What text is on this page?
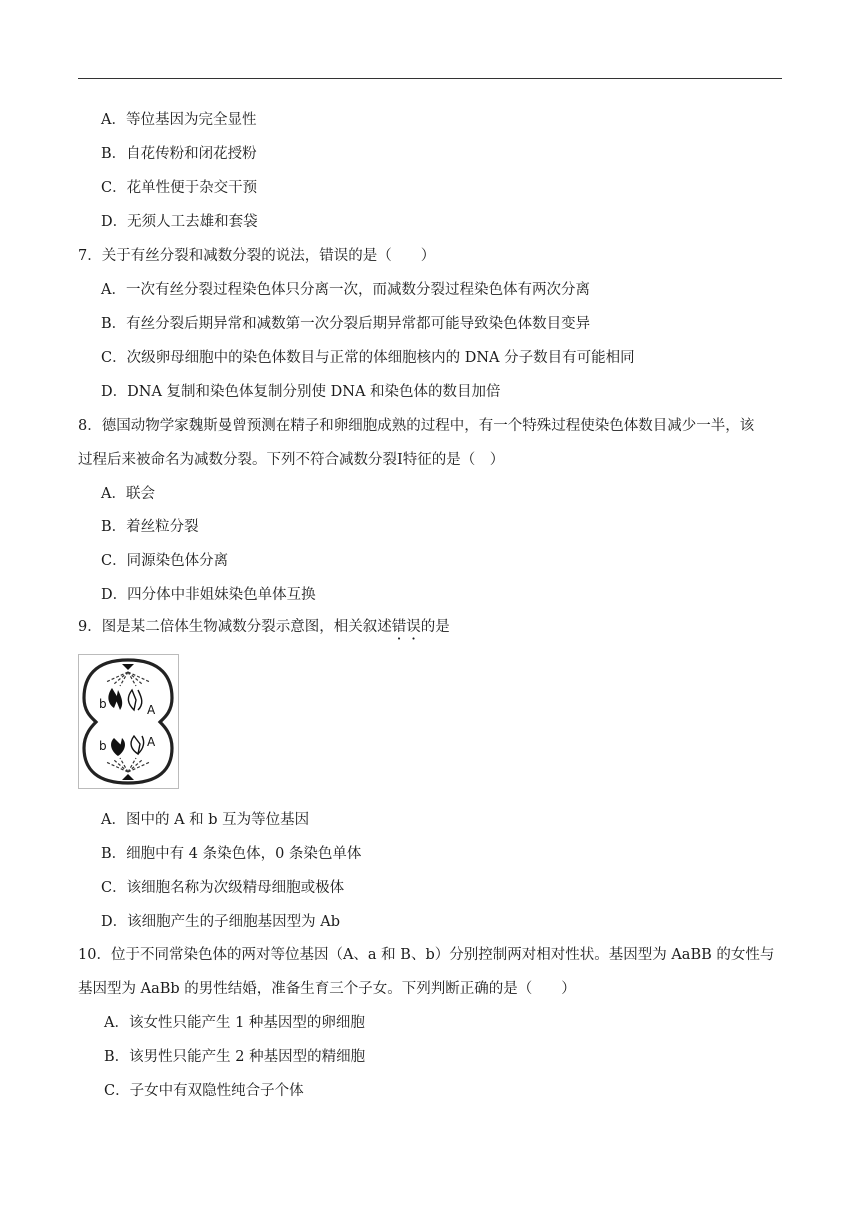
A．等位基因为完全显性
B．自花传粉和闭花授粉
C．花单性便于杂交干预
D．无须人工去雄和套袋
7．关于有丝分裂和减数分裂的说法，错误的是（　　）
A．一次有丝分裂过程染色体只分离一次，而减数分裂过程染色体有两次分离
B．有丝分裂后期异常和减数第一次分裂后期异常都可能导致染色体数目变异
C．次级卵母细胞中的染色体数目与正常的体细胞核内的 DNA 分子数目有可能相同
D．DNA 复制和染色体复制分别使 DNA 和染色体的数目加倍
8．德国动物学家魏斯曼曾预测在精子和卵细胞成熟的过程中，有一个特殊过程使染色体数目减少一半，该
过程后来被命名为减数分裂。下列不符合减数分裂Ⅰ特征的是（　）
A．联会
B．着丝粒分裂
C．同源染色体分离
D．四分体中非姐妹染色单体互换
9．图是某二倍体生物减数分裂示意图，相关叙述错误的是
b	A
b	A
A．图中的 A 和 b 互为等位基因
B．细胞中有 4 条染色体，0 条染色单体
C．该细胞名称为次级精母细胞或极体
D．该细胞产生的子细胞基因型为 Ab
10．位于不同常染色体的两对等位基因（A、a 和 B、b）分别控制两对相对性状。基因型为 AaBB 的女性与
基因型为 AaBb 的男性结婚，准备生育三个子女。下列判断正确的是（　　）
A．该女性只能产生 1 种基因型的卵细胞
B．该男性只能产生 2 种基因型的精细胞
C．子女中有双隐性纯合子个体
